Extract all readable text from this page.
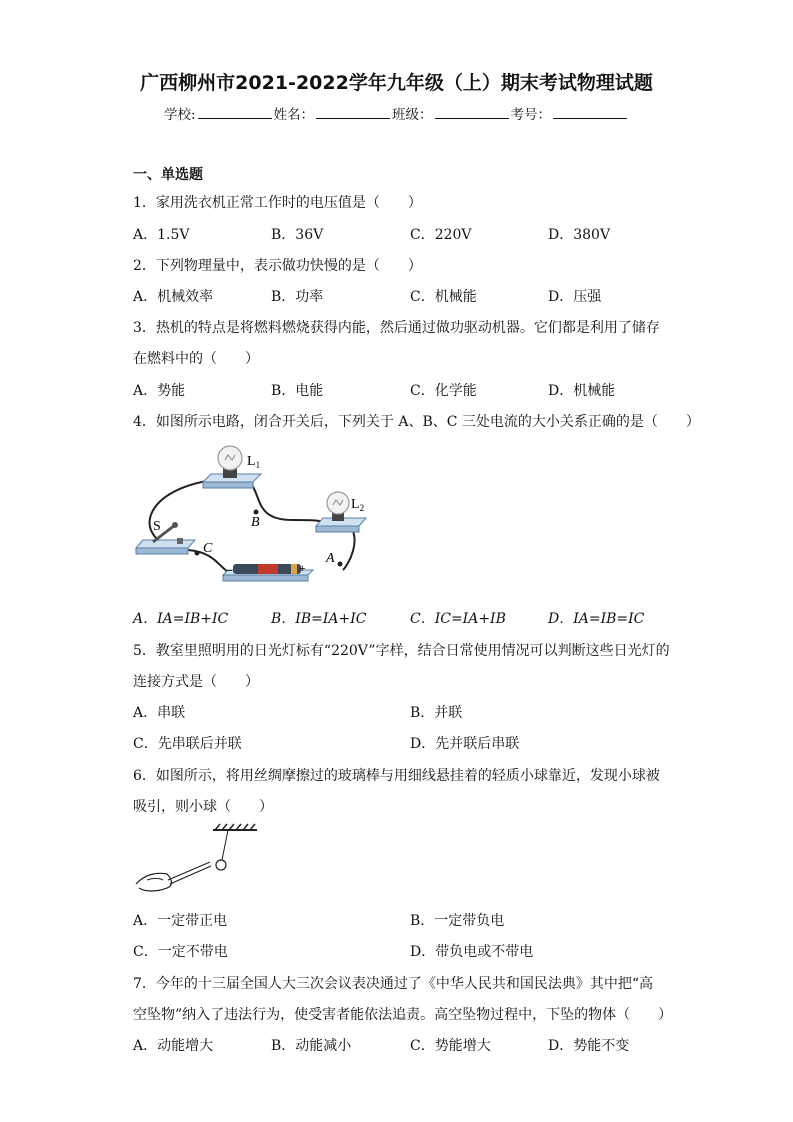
广西柳州市2021-2022学年九年级（上）期末考试物理试题
学校:	姓名：	班级：	考号：
一、单选题
1．家用洗衣机正常工作时的电压值是（　　）
A．1.5V	B．36V	C．220V	D．380V
2．下列物理量中，表示做功快慢的是（　　）
A．机械效率	B．功率	C．机械能	D．压强
3．热机的特点是将燃料燃烧获得内能，然后通过做功驱动机器。它们都是利用了储存
在燃料中的（　　）
A．势能	B．电能	C．化学能	D．机械能
4．如图所示电路，闭合开关后，下列关于 A、B、C 三处电流的大小关系正确的是（　　）
$L_1$
$L_2$
S	B
C
A
−	+
A．IA=IB+IC	B．IB=IA+IC	C．IC=IA+IB	D．IA=IB=IC
5．教室里照明用的日光灯标有“220V”字样，结合日常使用情况可以判断这些日光灯的
连接方式是（　　）
A．串联	B．并联
C．先串联后并联	D．先并联后串联
6．如图所示，将用丝绸摩擦过的玻璃棒与用细线悬挂着的轻质小球靠近，发现小球被
吸引，则小球（　　）
A．一定带正电	B．一定带负电
C．一定不带电	D．带负电或不带电
7．今年的十三届全国人大三次会议表决通过了《中华人民共和国民法典》其中把“高
空坠物”纳入了违法行为，使受害者能依法追责。高空坠物过程中，下坠的物体（　　）
A．动能增大	B．动能减小	C．势能增大	D．势能不变
